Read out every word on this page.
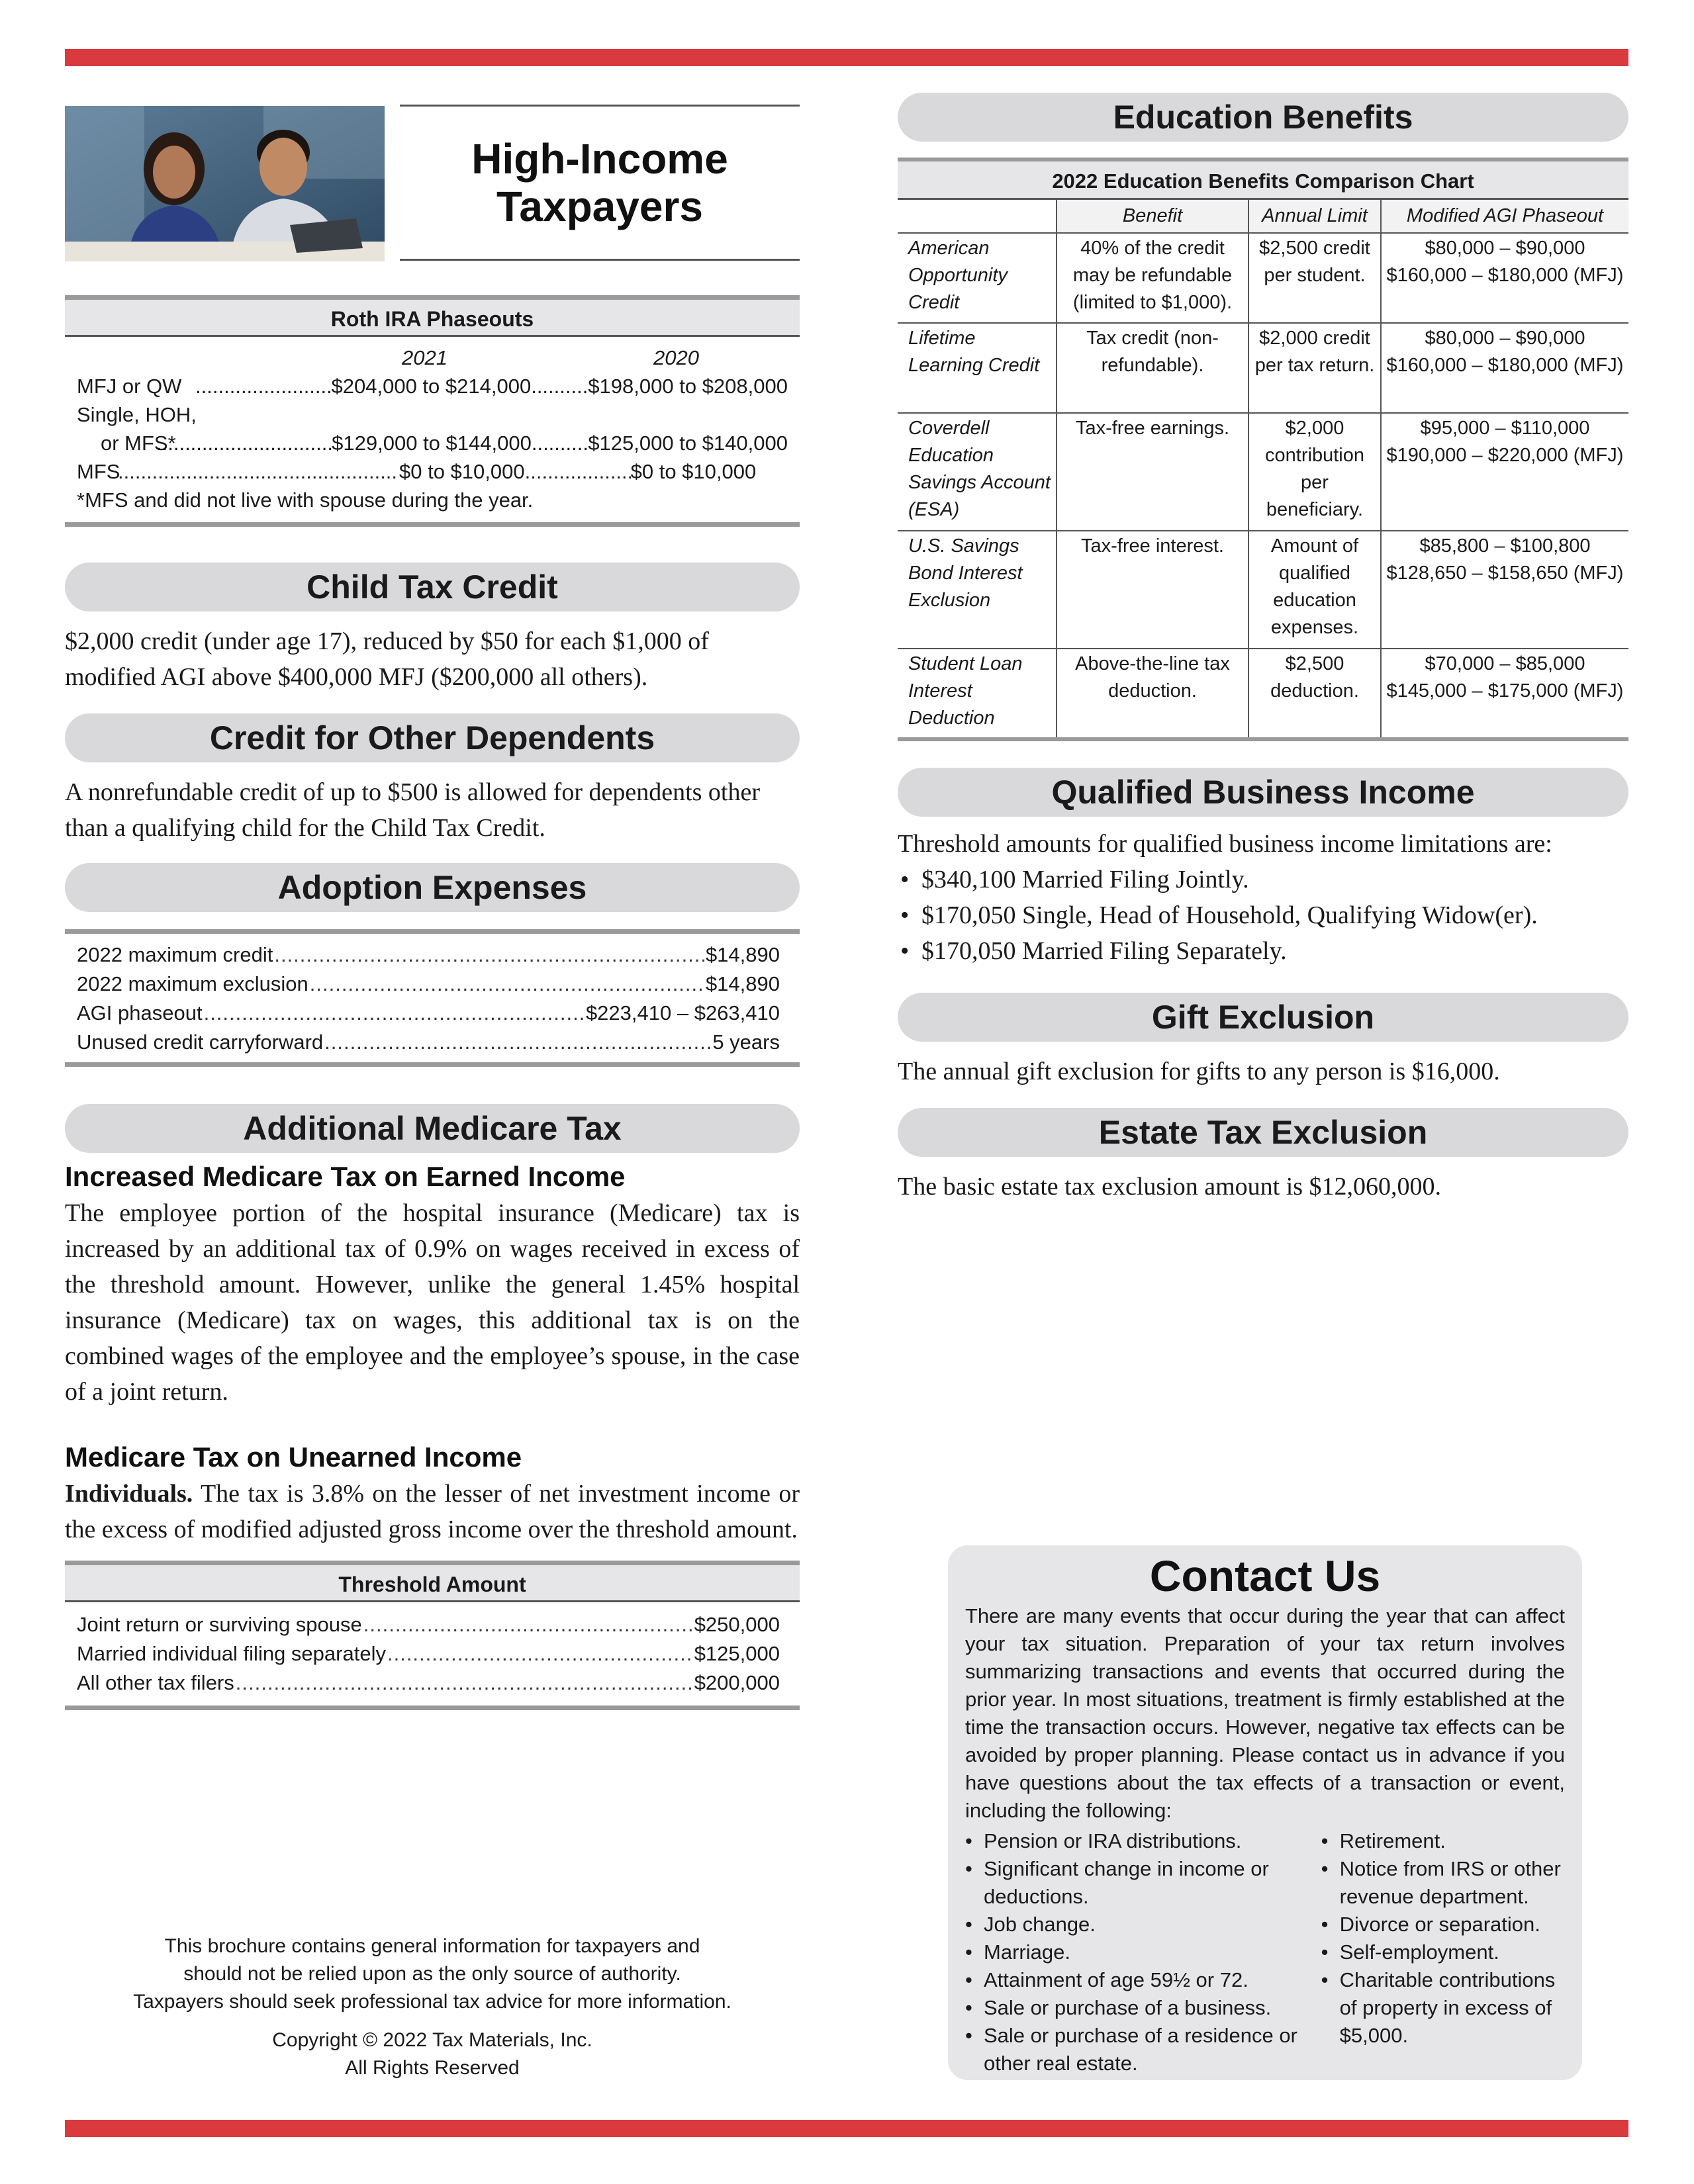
High-Income
Taxpayers
Roth IRA Phaseouts
2021	2020
MFJ or QW .....	$204,000 to $214,000 .....	$198,000 to $208,000
Single, HOH,
or MFS* .....	$129,000 to $144,000 .....	$125,000 to $140,000
MFS .....	$0 to $10,000 .....	$0 to $10,000
*MFS and did not live with spouse during the year.
Child Tax Credit

$2,000 credit (under age 17), reduced by $50 for each $1,000 of modified AGI above $400,000 MFJ ($200,000 all others).

Credit for Other Dependents

A nonrefundable credit of up to $500 is allowed for dependents other than a qualifying child for the Child Tax Credit.

Adoption Expenses
2022 maximum credit .....	$14,890
2022 maximum exclusion .....	$14,890
AGI phaseout .....	$223,410 – $263,410
Unused credit carryforward .....	5 years
Additional Medicare Tax
Increased Medicare Tax on Earned Income

The employee portion of the hospital insurance (Medicare) tax is increased by an additional tax of 0.9% on wages received in excess of the threshold amount. However, unlike the general 1.45% hospital insurance (Medicare) tax on wages, this additional tax is on the combined wages of the employee and the employee’s spouse, in the case of a joint return.

Medicare Tax on Unearned Income

Individuals. The tax is 3.8% on the lesser of net investment income or the excess of modified adjusted gross income over the threshold amount.

Threshold Amount
Joint return or surviving spouse .....	$250,000
Married individual filing separately .....	$125,000
All other tax filers .....	$200,000
This brochure contains general information for taxpayers and
should not be relied upon as the only source of authority.
Taxpayers should seek professional tax advice for more information.
Copyright © 2022 Tax Materials, Inc.
All Rights Reserved
Education Benefits
2022 Education Benefits Comparison Chart
	Benefit	Annual Limit	Modified AGI Phaseout
American Opportunity Credit	40% of the credit may be refundable (limited to $1,000).	$2,500 credit per student.	$80,000 – $90,000 $160,000 – $180,000 (MFJ)
Lifetime Learning Credit	Tax credit (non-refundable).	$2,000 credit per tax return.	$80,000 – $90,000 $160,000 – $180,000 (MFJ)
Coverdell Education Savings Account (ESA)	Tax-free earnings.	$2,000 contribution per beneficiary.	$95,000 – $110,000 $190,000 – $220,000 (MFJ)
U.S. Savings Bond Interest Exclusion	Tax-free interest.	Amount of qualified education expenses.	$85,800 – $100,800 $128,650 – $158,650 (MFJ)
Student Loan Interest Deduction	Above-the-line tax deduction.	$2,500 deduction.	$70,000 – $85,000 $145,000 – $175,000 (MFJ)
Qualified Business Income

Threshold amounts for qualified business income limitations are:

• $340,100 Married Filing Jointly.
• $170,050 Single, Head of Household, Qualifying Widow(er).
• $170,050 Married Filing Separately.
Gift Exclusion

The annual gift exclusion for gifts to any person is $16,000.

Estate Tax Exclusion

The basic estate tax exclusion amount is $12,060,000.

Contact Us

There are many events that occur during the year that can affect your tax situation. Preparation of your tax return involves summarizing transactions and events that occurred during the prior year. In most situations, treatment is firmly established at the time the transaction occurs. However, negative tax effects can be avoided by proper planning. Please contact us in advance if you have questions about the tax effects of a transaction or event, including the following:

• Pension or IRA distributions.
• Significant change in income or deductions.
• Job change.
• Marriage.
• Attainment of age 59½ or 72.
• Sale or purchase of a business.
• Sale or purchase of a residence or other real estate.
• Retirement.
• Notice from IRS or other revenue department.
• Divorce or separation.
• Self-employment.
• Charitable contributions of property in excess of $5,000.
